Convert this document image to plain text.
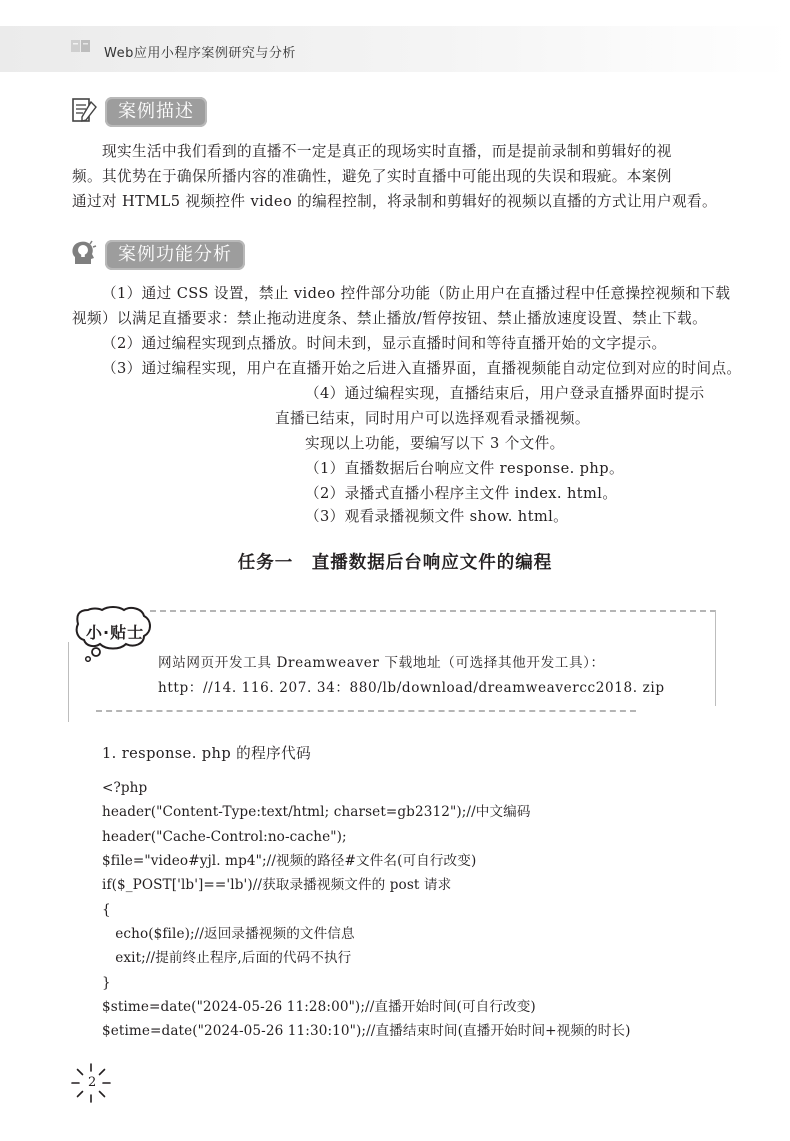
Web应用小程序案例研究与分析
案例描述
现实生活中我们看到的直播不一定是真正的现场实时直播，而是提前录制和剪辑好的视
频。其优势在于确保所播内容的准确性，避免了实时直播中可能出现的失误和瑕疵。本案例
通过对 HTML5 视频控件 video 的编程控制，将录制和剪辑好的视频以直播的方式让用户观看。
案例功能分析
（1）通过 CSS 设置，禁止 video 控件部分功能（防止用户在直播过程中任意操控视频和下载
视频）以满足直播要求：禁止拖动进度条、禁止播放/暂停按钮、禁止播放速度设置、禁止下载。
（2）通过编程实现到点播放。时间未到，显示直播时间和等待直播开始的文字提示。
（3）通过编程实现，用户在直播开始之后进入直播界面，直播视频能自动定位到对应的时间点。
（4）通过编程实现，直播结束后，用户登录直播界面时提示
直播已结束，同时用户可以选择观看录播视频。
实现以上功能，要编写以下 3 个文件。
（1）直播数据后台响应文件 response. php。
（2）录播式直播小程序主文件 index. html。
（3）观看录播视频文件 show. html。
任务一　直播数据后台响应文件的编程
小·贴士
网站网页开发工具 Dreamweaver 下载地址（可选择其他开发工具）：
http：//14. 116. 207. 34：880/lb/download/dreamweavercc2018. zip
1. response. php 的程序代码
<?php
header("Content-Type:text/html; charset=gb2312");//中文编码
header("Cache-Control:no-cache");
$file="video#yjl. mp4";//视频的路径#文件名(可自行改变)
if($_POST['lb']=='lb')//获取录播视频文件的 post 请求
{
echo($file);//返回录播视频的文件信息
exit;//提前终止程序,后面的代码不执行
}
$stime=date("2024-05-26 11:28:00");//直播开始时间(可自行改变)
$etime=date("2024-05-26 11:30:10");//直播结束时间(直播开始时间+视频的时长)
2
